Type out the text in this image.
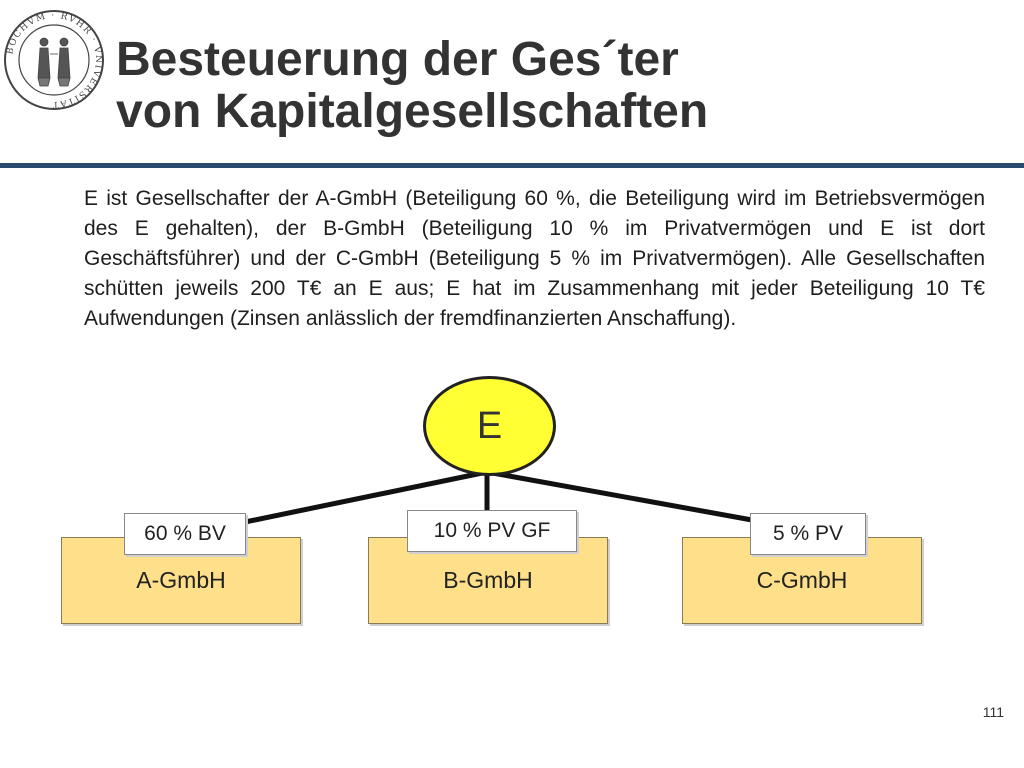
BOCHVM · RVHR · VNIVERSITAT
Besteuerung der Ges´ter
von Kapitalgesellschaften

E ist Gesellschafter der A-GmbH (Beteiligung 60 %, die Beteiligung wird im Betriebsvermögen des E gehalten), der B-GmbH (Beteiligung 10 % im Privatvermögen und E ist dort Geschäftsführer) und der C-GmbH (Beteiligung 5 % im Privatvermögen). Alle Gesellschaften schütten jeweils 200 T€ an E aus; E hat im Zusammenhang mit jeder Beteiligung 10 T€ Aufwendungen (Zinsen anlässlich der fremdfinanzierten Anschaffung).

E
A-GmbH	B-GmbH	C-GmbH
60 % BV	10 % PV GF	5 % PV
111
